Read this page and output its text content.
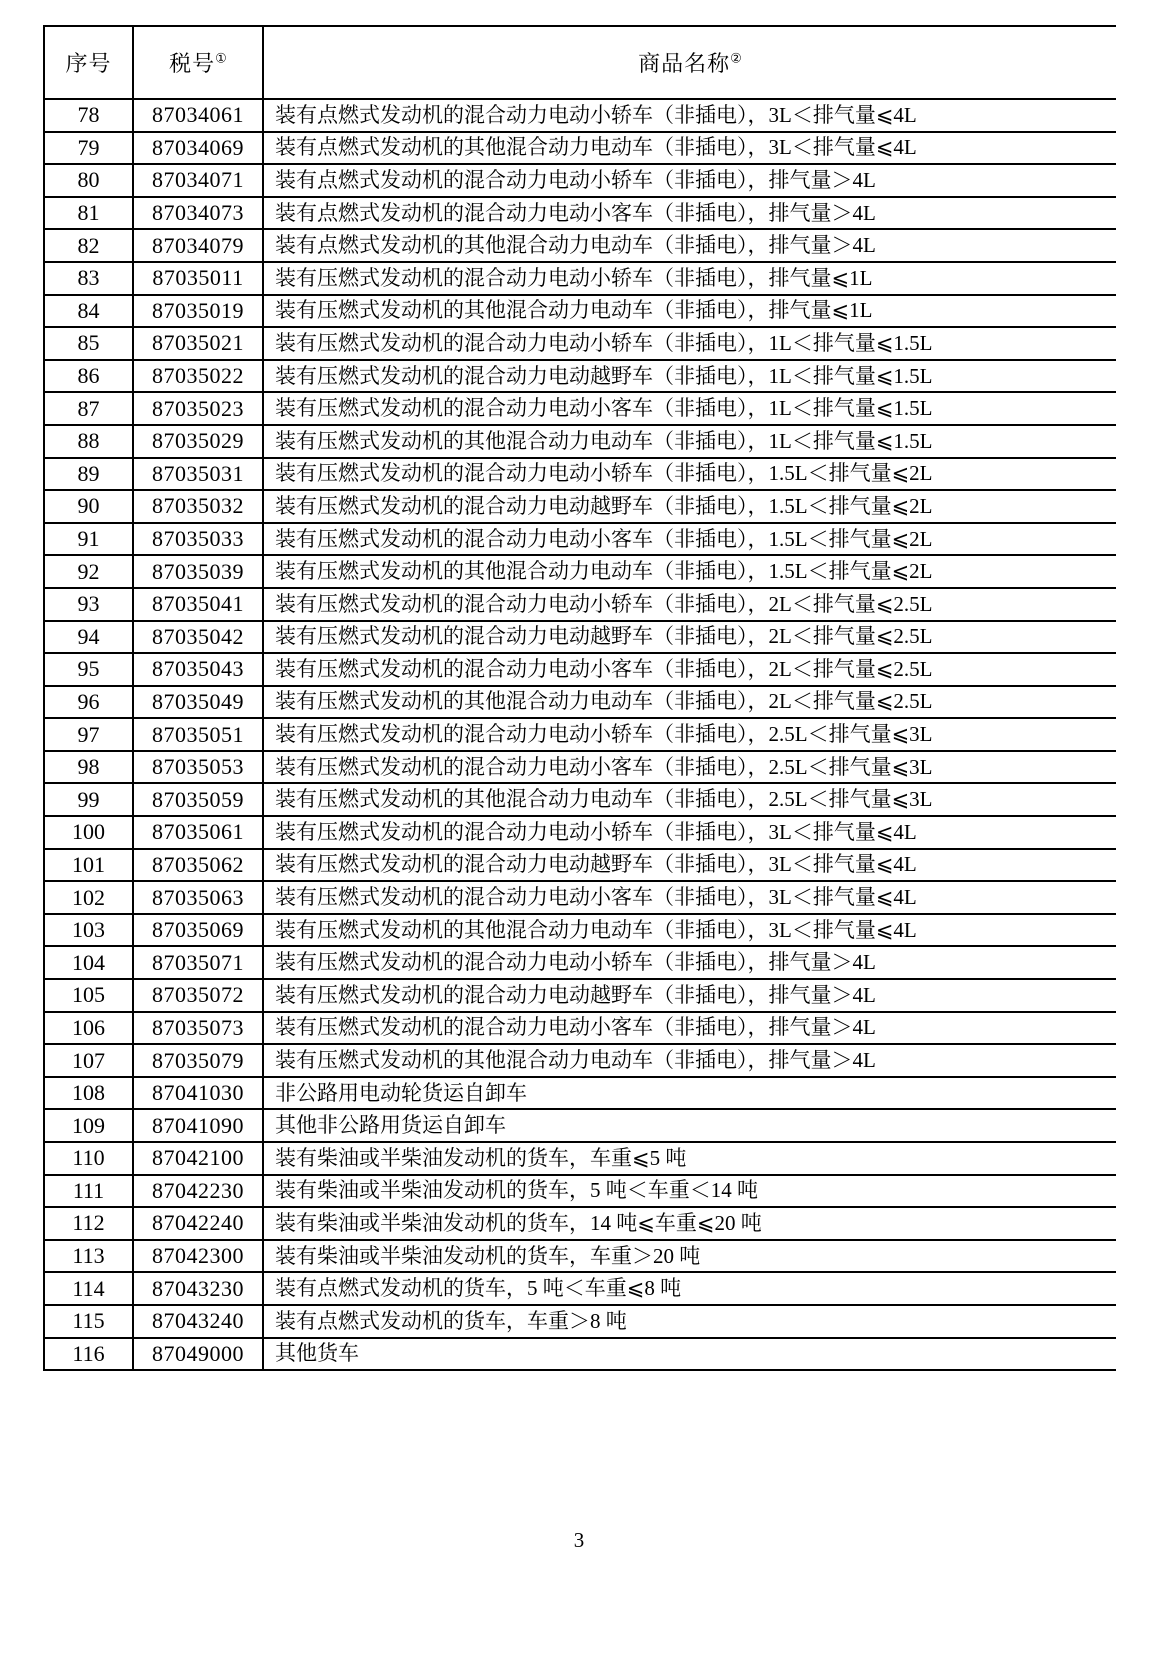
序号	税号①	商品名称②
78	87034061	装有点燃式发动机的混合动力电动小轿车（非插电），3L＜排气量⩽4L
79	87034069	装有点燃式发动机的其他混合动力电动车（非插电），3L＜排气量⩽4L
80	87034071	装有点燃式发动机的混合动力电动小轿车（非插电），排气量＞4L
81	87034073	装有点燃式发动机的混合动力电动小客车（非插电），排气量＞4L
82	87034079	装有点燃式发动机的其他混合动力电动车（非插电），排气量＞4L
83	87035011	装有压燃式发动机的混合动力电动小轿车（非插电），排气量⩽1L
84	87035019	装有压燃式发动机的其他混合动力电动车（非插电），排气量⩽1L
85	87035021	装有压燃式发动机的混合动力电动小轿车（非插电），1L＜排气量⩽1.5L
86	87035022	装有压燃式发动机的混合动力电动越野车（非插电），1L＜排气量⩽1.5L
87	87035023	装有压燃式发动机的混合动力电动小客车（非插电），1L＜排气量⩽1.5L
88	87035029	装有压燃式发动机的其他混合动力电动车（非插电），1L＜排气量⩽1.5L
89	87035031	装有压燃式发动机的混合动力电动小轿车（非插电），1.5L＜排气量⩽2L
90	87035032	装有压燃式发动机的混合动力电动越野车（非插电），1.5L＜排气量⩽2L
91	87035033	装有压燃式发动机的混合动力电动小客车（非插电），1.5L＜排气量⩽2L
92	87035039	装有压燃式发动机的其他混合动力电动车（非插电），1.5L＜排气量⩽2L
93	87035041	装有压燃式发动机的混合动力电动小轿车（非插电），2L＜排气量⩽2.5L
94	87035042	装有压燃式发动机的混合动力电动越野车（非插电），2L＜排气量⩽2.5L
95	87035043	装有压燃式发动机的混合动力电动小客车（非插电），2L＜排气量⩽2.5L
96	87035049	装有压燃式发动机的其他混合动力电动车（非插电），2L＜排气量⩽2.5L
97	87035051	装有压燃式发动机的混合动力电动小轿车（非插电），2.5L＜排气量⩽3L
98	87035053	装有压燃式发动机的混合动力电动小客车（非插电），2.5L＜排气量⩽3L
99	87035059	装有压燃式发动机的其他混合动力电动车（非插电），2.5L＜排气量⩽3L
100	87035061	装有压燃式发动机的混合动力电动小轿车（非插电），3L＜排气量⩽4L
101	87035062	装有压燃式发动机的混合动力电动越野车（非插电），3L＜排气量⩽4L
102	87035063	装有压燃式发动机的混合动力电动小客车（非插电），3L＜排气量⩽4L
103	87035069	装有压燃式发动机的其他混合动力电动车（非插电），3L＜排气量⩽4L
104	87035071	装有压燃式发动机的混合动力电动小轿车（非插电），排气量＞4L
105	87035072	装有压燃式发动机的混合动力电动越野车（非插电），排气量＞4L
106	87035073	装有压燃式发动机的混合动力电动小客车（非插电），排气量＞4L
107	87035079	装有压燃式发动机的其他混合动力电动车（非插电），排气量＞4L
108	87041030	非公路用电动轮货运自卸车
109	87041090	其他非公路用货运自卸车
110	87042100	装有柴油或半柴油发动机的货车，车重⩽5 吨
111	87042230	装有柴油或半柴油发动机的货车，5 吨＜车重＜14 吨
112	87042240	装有柴油或半柴油发动机的货车，14 吨⩽车重⩽20 吨
113	87042300	装有柴油或半柴油发动机的货车，车重＞20 吨
114	87043230	装有点燃式发动机的货车，5 吨＜车重⩽8 吨
115	87043240	装有点燃式发动机的货车，车重＞8 吨
116	87049000	其他货车
3
